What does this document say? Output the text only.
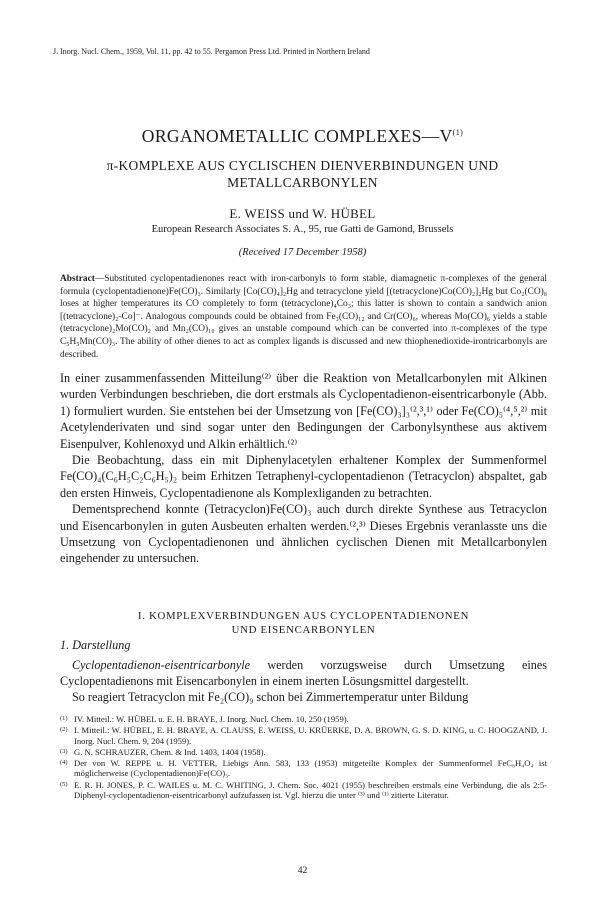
J. Inorg. Nucl. Chem., 1959, Vol. 11, pp. 42 to 55. Pergamon Press Ltd. Printed in Northern Ireland
ORGANOMETALLIC $COMPLEXES—V^{(1)}$
π-KOMPLEXE AUS CYCLISCHEN DIENVERBINDUNGEN UND
METALLCARBONYLEN
E. WEISS und W. HÜBEL
European Research Associates S. A., 95, rue Gatti de Gamond, Brussels
(Received 17 December 1958)
Abstract—Substituted cyclopentadienones react with iron-carbonyls to form stable, diamagnetic π-complexes of the general formula (cyclopentadienone)Fe(CO)₃. Similarly [Co(CO)₄]₂Hg and tetracyclone yield [(tetracyclone)Co(CO)₂]₂Hg but Co₂(CO)₈ loses at higher temperatures its CO completely to form (tetracyclone)₄Co₃; this latter is shown to contain a sandwich anion [(tetracyclone)₂-Co]⁻. Analogous compounds could be obtained from Fe₃(CO)₁₂ and Cr(CO)₆, whereas Mo(CO)₆ yields a stable (tetracyclone)₂Mo(CO)₂ and Mn₂(CO)₁₀ gives an unstable compound which can be converted into π-complexes of the type C₅H₅Mn(CO)₃. The ability of other dienes to act as complex ligands is discussed and new thiophenedioxide-irontricarbonyls are described.

In einer zusammenfassenden Mitteilung⁽²⁾ über die Reaktion von Metallcarbonylen mit Alkinen wurden Verbindungen beschrieben, die dort erstmals als Cyclopentadienon-eisentricarbonyle (Abb. 1) formuliert wurden. Sie entstehen bei der Umsetzung von [Fe(CO)₃]₃⁽²,³,¹⁾ oder Fe(CO)₅⁽⁴,⁵,²⁾ mit Acetylenderivaten und sind sogar unter den Bedingungen der Carbonylsynthese aus aktivem Eisenpulver, Kohlenoxyd und Alkin erhältlich.⁽²⁾

Die Beobachtung, dass ein mit Diphenylacetylen erhaltener Komplex der Summenformel Fe(CO)₄(C₆H₅C₂C₆H₅)₂ beim Erhitzen Tetraphenyl-cyclopentadienon (Tetracyclon) abspaltet, gab den ersten Hinweis, Cyclopentadienone als Komplexliganden zu betrachten.

Dementsprechend konnte (Tetracyclon)Fe(CO)₃ auch durch direkte Synthese aus Tetracyclon und Eisencarbonylen in guten Ausbeuten erhalten werden.⁽²,³⁾ Dieses Ergebnis veranlasste uns die Umsetzung von Cyclopentadienonen und ähnlichen cyclischen Dienen mit Metallcarbonylen eingehender zu untersuchen.

I. KOMPLEXVERBINDUNGEN AUS CYCLOPENTADIENONEN
UND EISENCARBONYLEN
1. Darstellung

Cyclopentadienon-eisentricarbonyle werden vorzugsweise durch Umsetzung eines Cyclopentadienons mit Eisencarbonylen in einem inerten Lösungsmittel dargestellt.

So reagiert Tetracyclon mit Fe₂(CO)₉ schon bei Zimmertemperatur unter Bildung

(1) IV. Mitteil.: W. HÜBEL u. E. H. BRAYE, J. Inorg. Nucl. Chem. 10, 250 (1959).
(2) I. Mitteil.: W. HÜBEL, E. H. BRAYE, A. CLAUSS, E. WEISS, U. KRÜERKE, D. A. BROWN, G. S. D. KING, u. C. HOOGZAND, J. Inorg. Nucl. Chem. 9, 204 (1959).
(3) G. N. SCHRAUZER, Chem. & Ind. 1403, 1404 (1958).
(4) Der von W. REPPE u. H. VETTER, Liebigs Ann. 583, 133 (1953) mitgeteilte Komplex der Summenformel FeC₈H₄O₄ ist möglicherweise (Cyclopentadienon)Fe(CO)₃.
(5) E. R. H. JONES, P. C. WAILES u. M. C. WHITING, J. Chem. Soc. 4021 (1955) beschreiben erstmals eine Verbindung, die als 2:5-Diphenyl-cyclopentadienon-eisentricarbonyl aufzufassen ist. Vgl. hierzu die unter ⁽³⁾ und ⁽¹⁾ zitierte Literatur.
42
